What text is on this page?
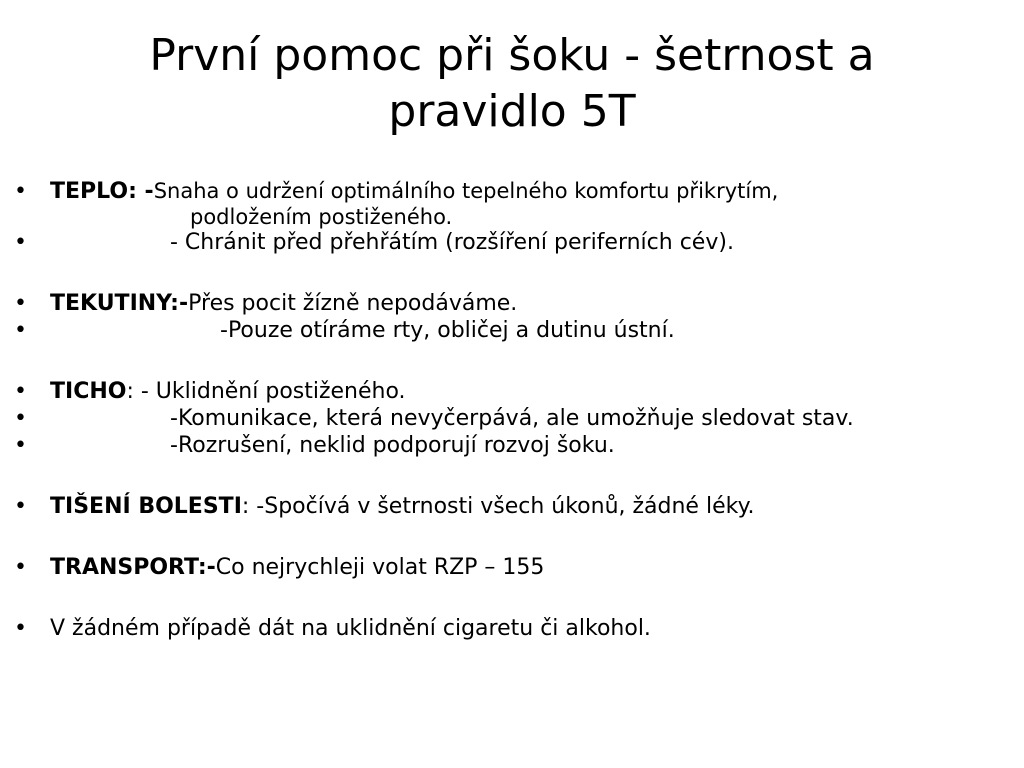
První pomoc při šoku - šetrnost a
pravidlo 5T
•	TEPLO: -Snaha o udržení optimálního tepelného komfortu přikrytím,
podložením postiženého.
•	- Chránit před přehřátím (rozšíření periferních cév).
•	TEKUTINY:-Přes pocit žízně nepodáváme.
•	-Pouze otíráme rty, obličej a dutinu ústní.
•	TICHO: - Uklidnění postiženého.
•	-Komunikace, která nevyčerpává, ale umožňuje sledovat stav.
•	-Rozrušení, neklid podporují rozvoj šoku.
•	TIŠENÍ BOLESTI: -Spočívá v šetrnosti všech úkonů, žádné léky.
•	TRANSPORT:-Co nejrychleji volat RZP – 155
•	V žádném případě dát na uklidnění cigaretu či alkohol.
